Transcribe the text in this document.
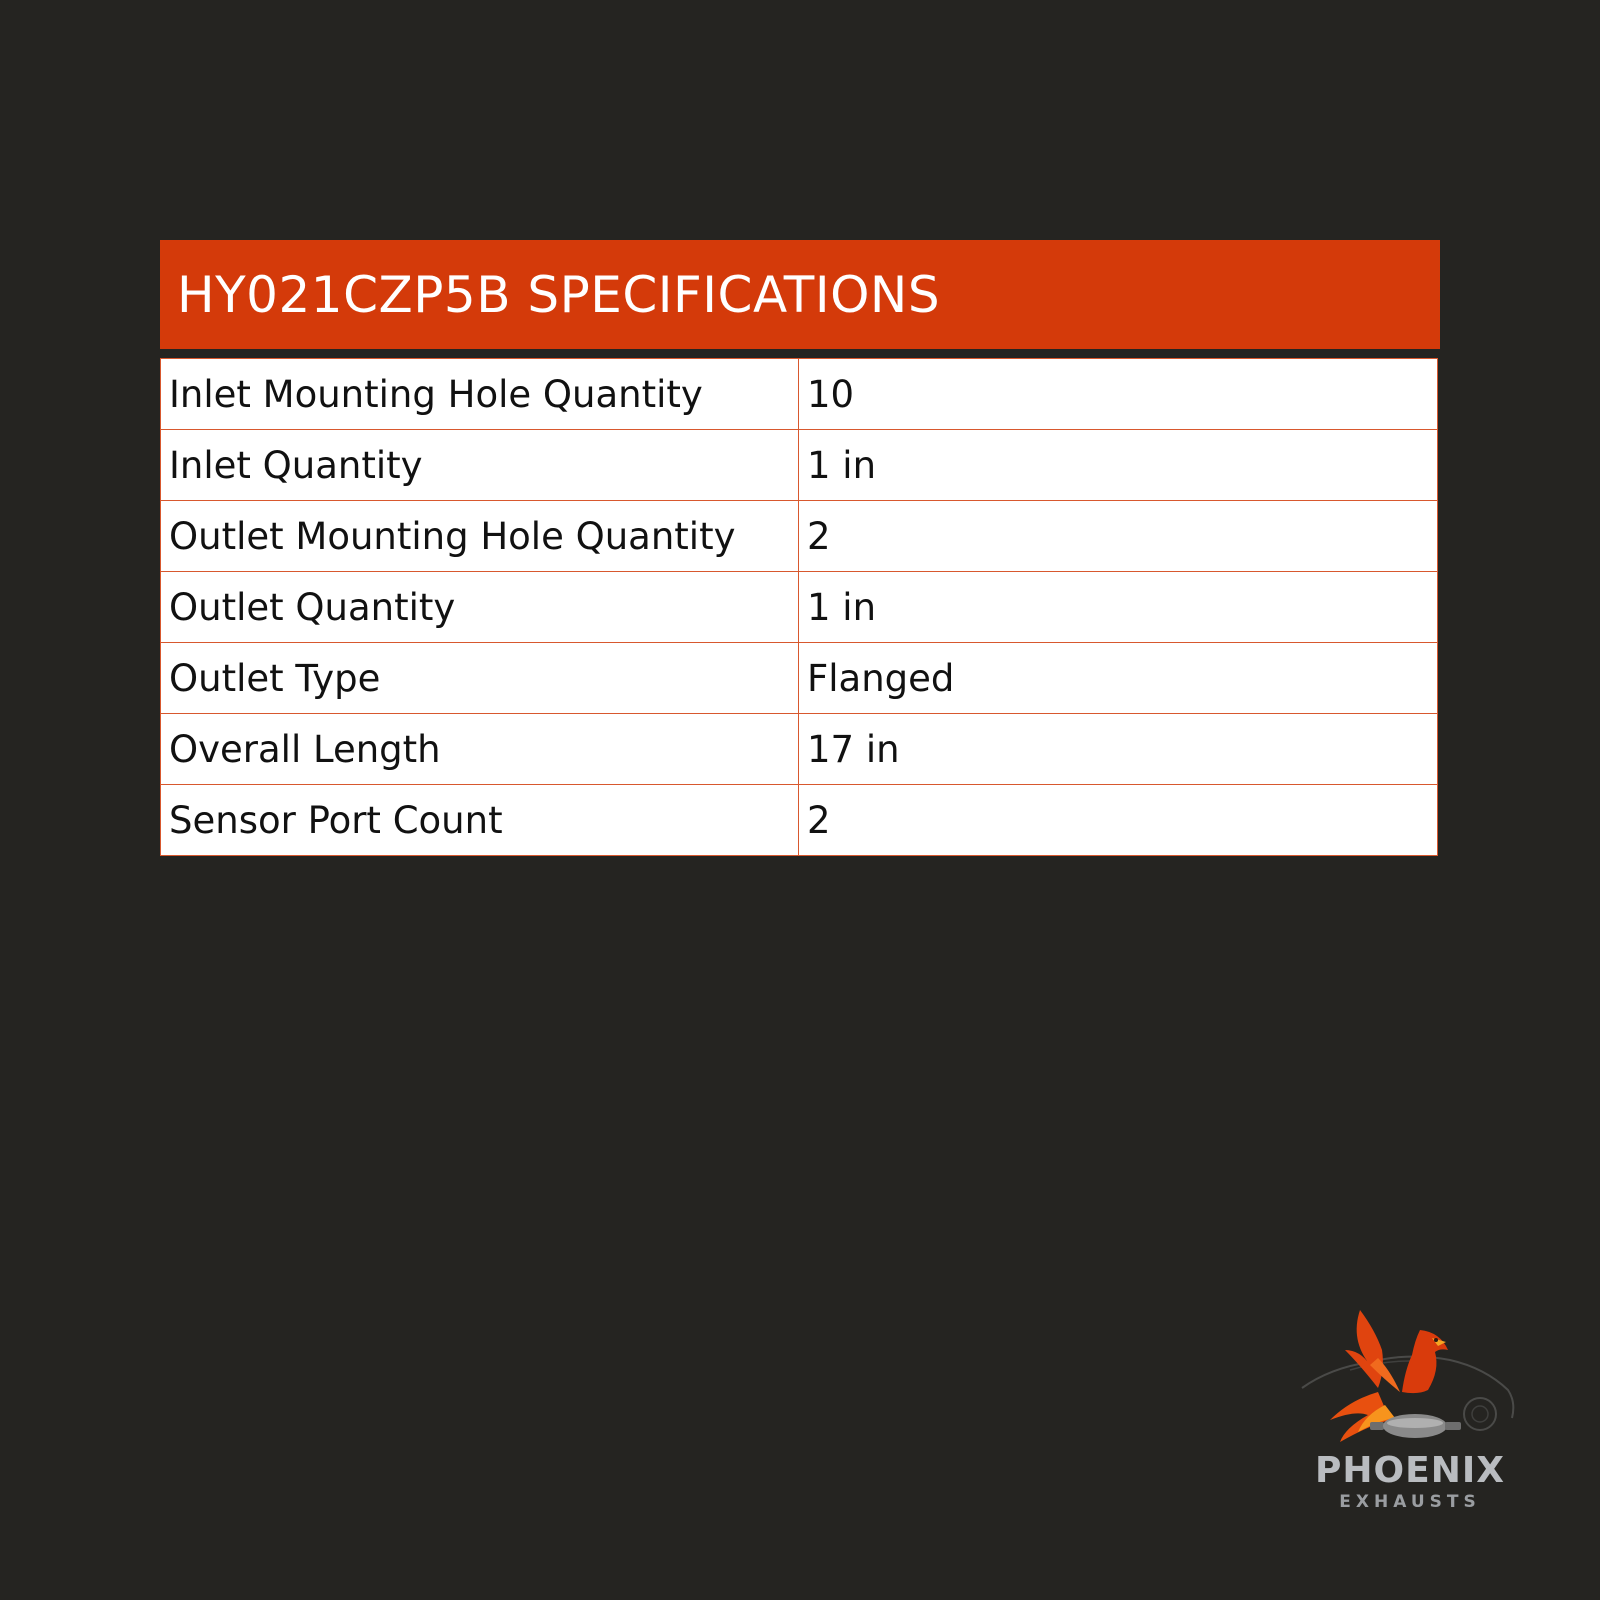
HY021CZP5B SPECIFICATIONS
Inlet Mounting Hole Quantity	10
Inlet Quantity	1 in
Outlet Mounting Hole Quantity	2
Outlet Quantity	1 in
Outlet Type	Flanged
Overall Length	17 in
Sensor Port Count	2
PHOENIX
EXHAUSTS
